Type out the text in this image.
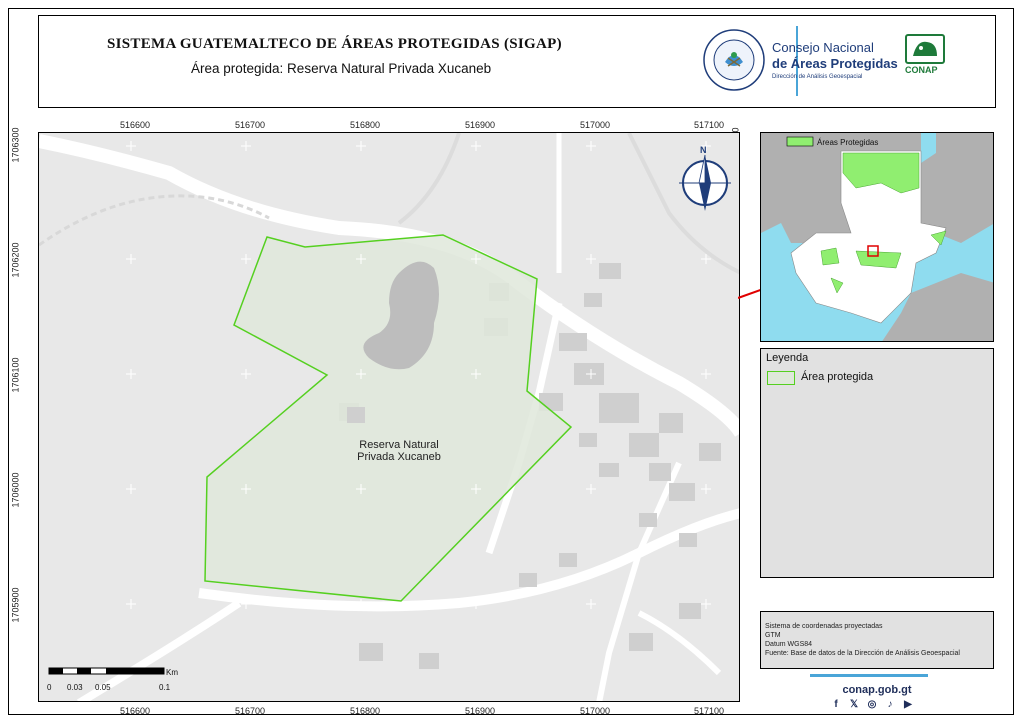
SISTEMA GUATEMALTECO DE ÁREAS PROTEGIDAS (SIGAP)
Área protegida: Reserva Natural Privada Xucaneb
Consejo Nacional
de Áreas Protegidas
Dirección de Análisis Geoespacial
CONAP
516600	516700	516800	516900	517000	517100
516600	516700	516800	516900	517000	517100
1706300
1706200
1706100
1706000
1705900
Reserva Natural
Privada Xucaneb
N
Km
0 0.03 0.05	0.1
Áreas Protegidas
Leyenda
Área protegida
Sistema de coordenadas proyectadas
GTM
Datum WGS84
Fuente: Base de datos de la Dirección de Análisis Geoespacial
conap.gob.gt
f	𝕏 ◎	♪	▶
